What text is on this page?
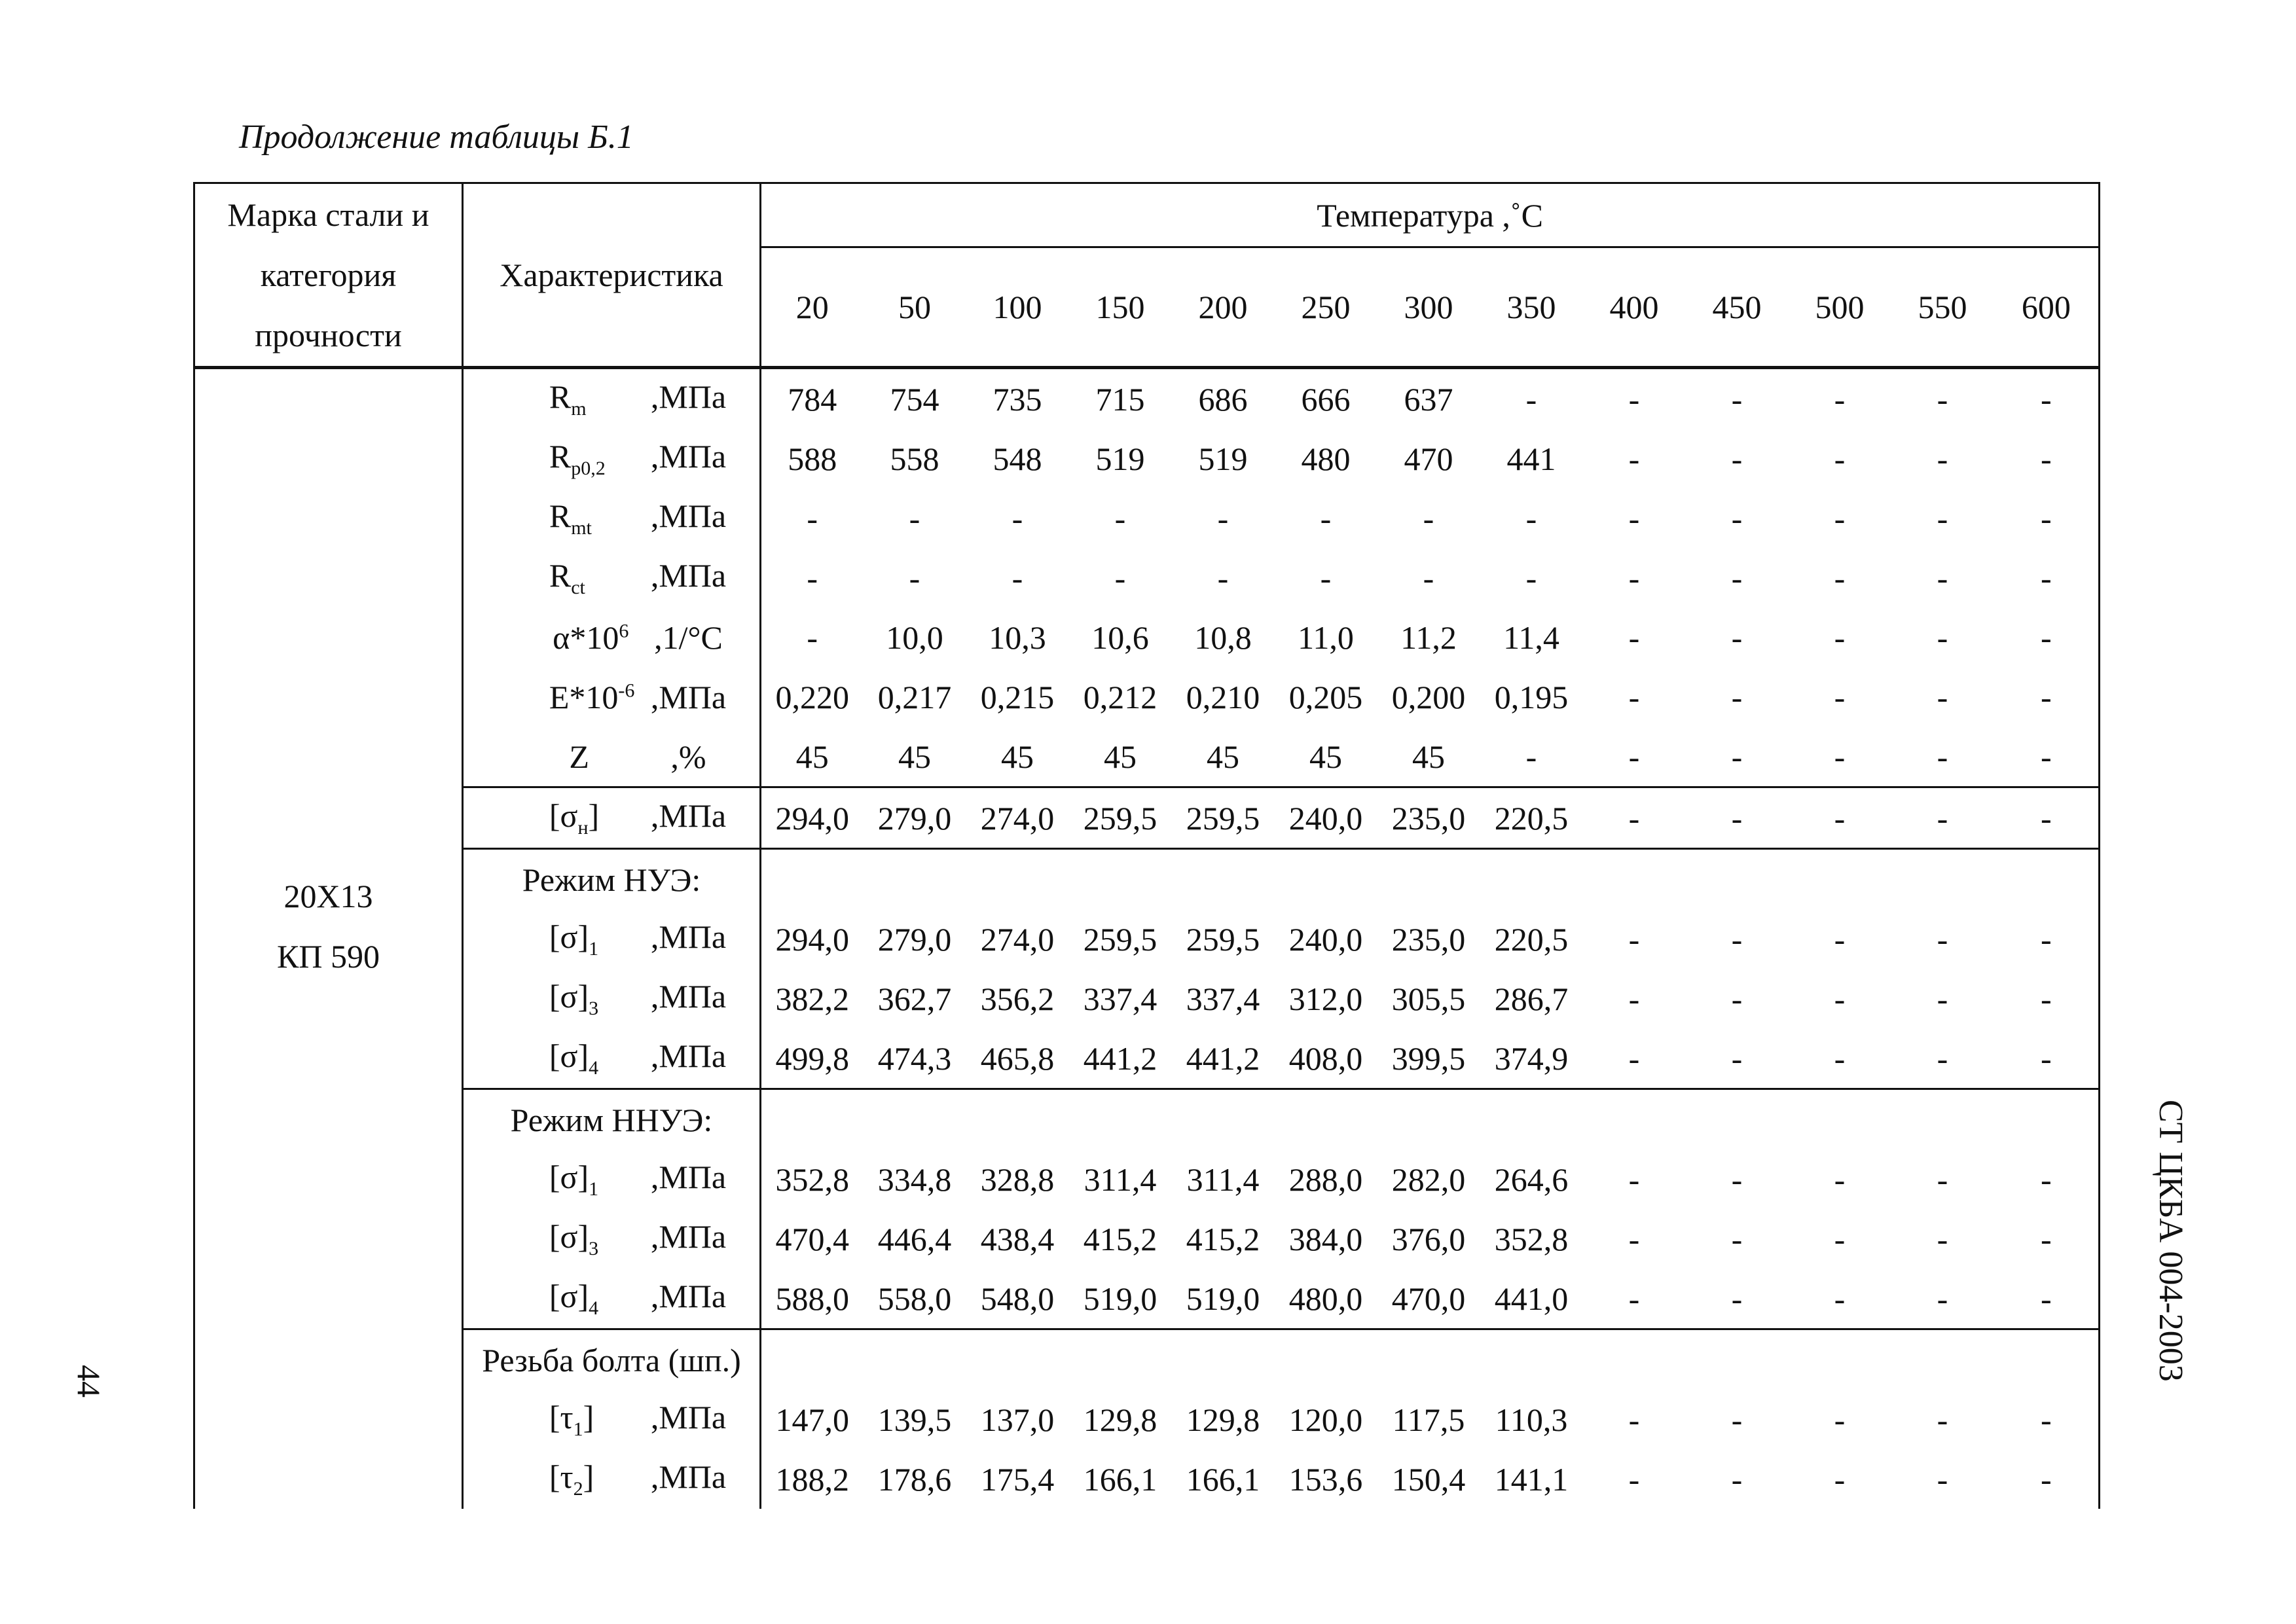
Продолжение таблицы Б.1
Марка стали и категория прочности	Характеристика	Температура ,˚С												
		20	50	100	150	200	250	300	350	400	450	500	550	600

20Х13
КП 590	$R_m$ ,МПа	784	754	735	715	686	666	637	-	-	-	-	-	-
	$R_{p0,2}$ ,МПа	588	558	548	519	519	480	470	441	-	-	-	-	-
	$R_{mt}$ ,МПа	-	-	-	-	-	-	-	-	-	-	-	-	-
	$R_{ct}$ ,МПа	-	-	-	-	-	-	-	-	-	-	-	-	-
	$\alpha*10^6$ ,1/°С	-	10,0	10,3	10,6	10,8	11,0	11,2	11,4	-	-	-	-	-
	$E*10^{-6}$ ,МПа	0,220	0,217	0,215	0,212	0,210	0,205	0,200	0,195	-	-	-	-	-
	Z ,%	45	45	45	45	45	45	45	-	-	-	-	-	-
	$[\sigma_н]$ ,МПа	294,0	279,0	274,0	259,5	259,5	240,0	235,0	220,5	-	-	-	-	-
	Режим НУЭ:													
	$[\sigma]_1$ ,МПа	294,0	279,0	274,0	259,5	259,5	240,0	235,0	220,5	-	-	-	-	-
	$[\sigma]_3$ ,МПа	382,2	362,7	356,2	337,4	337,4	312,0	305,5	286,7	-	-	-	-	-
	$[\sigma]_4$ ,МПа	499,8	474,3	465,8	441,2	441,2	408,0	399,5	374,9	-	-	-	-	-
	Режим ННУЭ:													
	$[\sigma]_1$ ,МПа	352,8	334,8	328,8	311,4	311,4	288,0	282,0	264,6	-	-	-	-	-
	$[\sigma]_3$ ,МПа	470,4	446,4	438,4	415,2	415,2	384,0	376,0	352,8	-	-	-	-	-
	$[\sigma]_4$ ,МПа	588,0	558,0	548,0	519,0	519,0	480,0	470,0	441,0	-	-	-	-	-
	Резьба болта (шп.)													
	$[\tau_1]$ ,МПа	147,0	139,5	137,0	129,8	129,8	120,0	117,5	110,3	-	-	-	-	-
	$[\tau_2]$ ,МПа	188,2	178,6	175,4	166,1	166,1	153,6	150,4	141,1	-	-	-	-	-
44	СТ ЦКБА 004-2003
